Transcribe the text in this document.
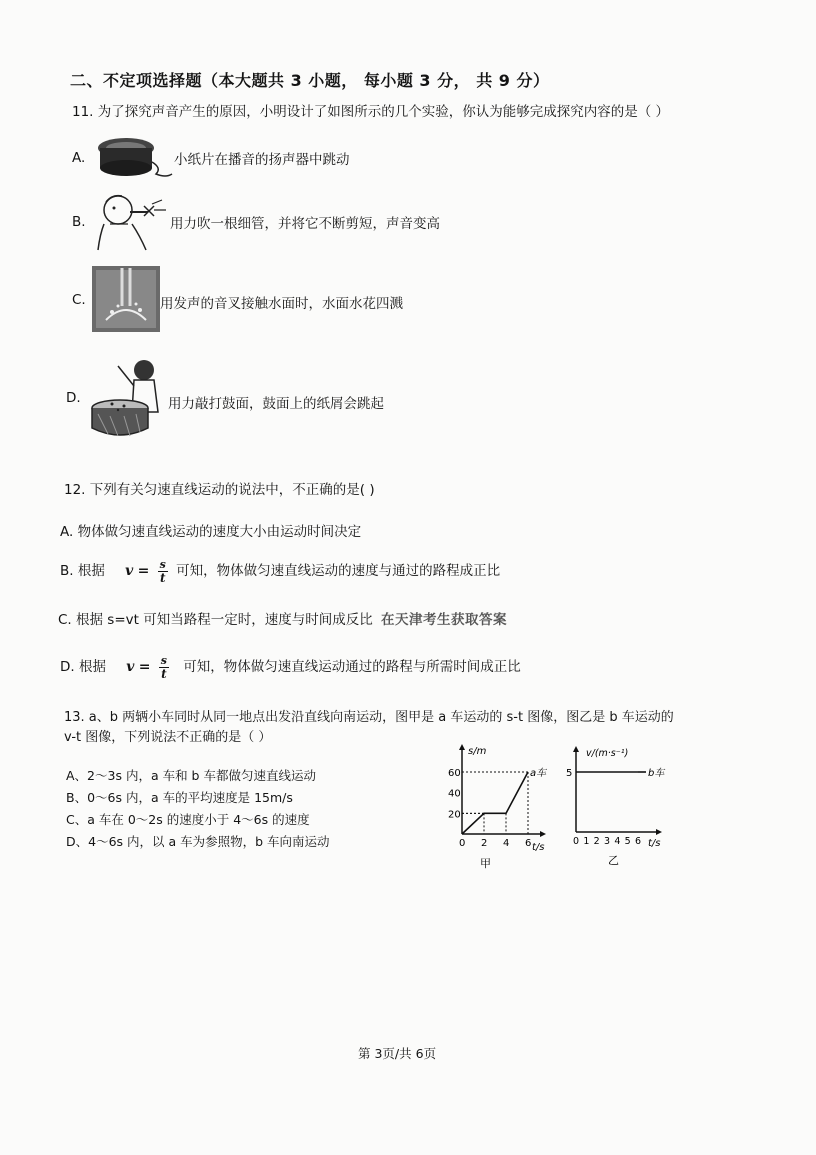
二、不定项选择题（本大题共 3 小题， 每小题 3 分， 共 9 分）
11. 为了探究声音产生的原因，小明设计了如图所示的几个实验，你认为能够完成探究内容的是（ ）
A.	小纸片在播音的扬声器中跳动
B.	用力吹一根细管，并将它不断剪短，声音变高
C.	用发声的音叉接触水面时，水面水花四溅
D.	用力敲打鼓面，鼓面上的纸屑会跳起
12. 下列有关匀速直线运动的说法中，不正确的是( )
A. 物体做匀速直线运动的速度大小由运动时间决定
B. 根据 $v = \frac{s}{t}$ 可知，物体做匀速直线运动的速度与通过的路程成正比
C. 根据 s=vt 可知当路程一定时，速度与时间成反比 在天津考生获取答案
D. 根据 $v = \frac{s}{t}$ 可知，物体做匀速直线运动通过的路程与所需时间成正比
13. a、b 两辆小车同时从同一地点出发沿直线向南运动，图甲是 a 车运动的 s-t 图像，图乙是 b 车运动的
v-t 图像，下列说法不正确的是（ ）
A、2～3s 内，a 车和 b 车都做匀速直线运动
B、0～6s 内，a 车的平均速度是 15m/s
C、a 车在 0～2s 的速度小于 4～6s 的速度
D、4～6s 内，以 a 车为参照物，b 车向南运动
s/m
t/s
0 2 4 6
20
40
60	a车
甲
v/(m·s⁻¹)
t/s
0 1 2 3 4 5 6
5	b车
乙
第 3页/共 6页
